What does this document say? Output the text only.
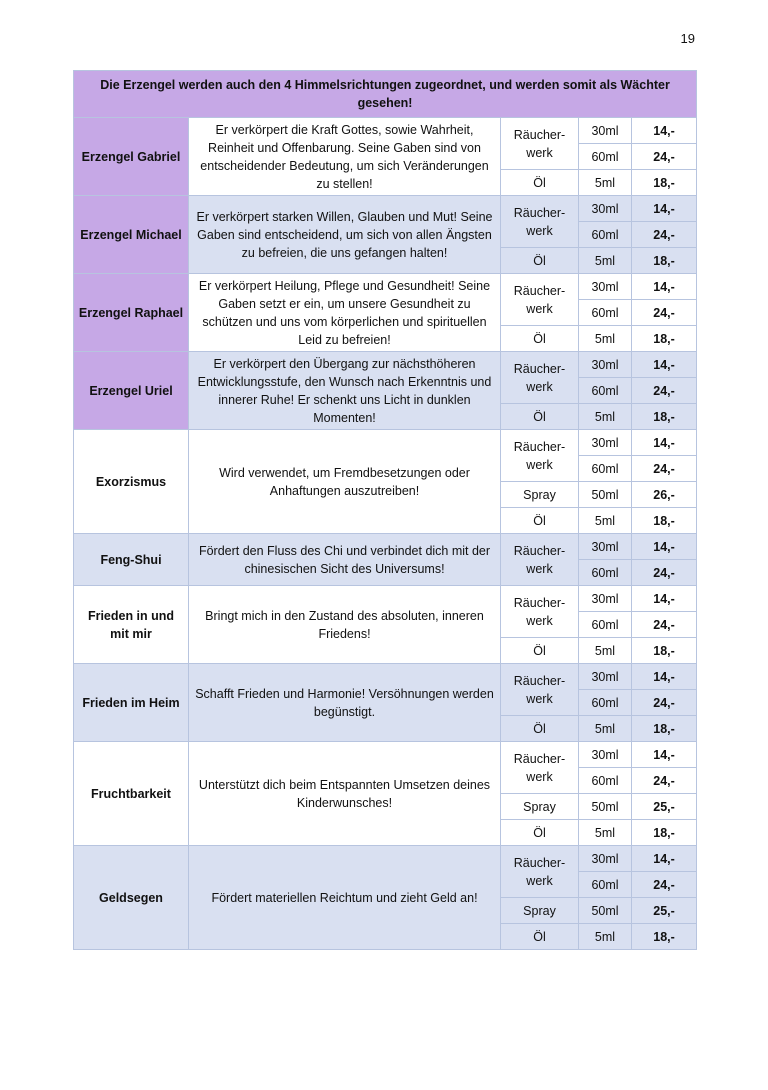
19
Die Erzengel werden auch den 4 Himmelsrichtungen zugeordnet, und werden somit als Wächter gesehen!				
Erzengel Gabriel	Er verkörpert die Kraft Gottes, sowie Wahrheit, Reinheit und Offenbarung. Seine Gaben sind von entscheidender Bedeutung, um sich Veränderungen zu stellen!	Räucher-werk	30ml	14,-
			60ml	24,-
		Öl	5ml	18,-
Erzengel Michael	Er verkörpert starken Willen, Glauben und Mut! Seine Gaben sind entscheidend, um sich von allen Ängsten zu befreien, die uns gefangen halten!	Räucher-werk	30ml	14,-
			60ml	24,-
		Öl	5ml	18,-
Erzengel Raphael	Er verkörpert Heilung, Pflege und Gesundheit! Seine Gaben setzt er ein, um unsere Gesundheit zu schützen und uns vom körperlichen und spirituellen Leid zu befreien!	Räucher-werk	30ml	14,-
			60ml	24,-
		Öl	5ml	18,-
Erzengel Uriel	Er verkörpert den Übergang zur nächsthöheren Entwicklungsstufe, den Wunsch nach Erkenntnis und innerer Ruhe! Er schenkt uns Licht in dunklen Momenten!	Räucher-werk	30ml	14,-
			60ml	24,-
		Öl	5ml	18,-
Exorzismus	Wird verwendet, um Fremdbesetzungen oder Anhaftungen auszutreiben!	Räucher-werk	30ml	14,-
			60ml	24,-
		Spray	50ml	26,-
		Öl	5ml	18,-
Feng-Shui	Fördert den Fluss des Chi und verbindet dich mit der chinesischen Sicht des Universums!	Räucher-werk	30ml	14,-
			60ml	24,-
Frieden in und mit mir	Bringt mich in den Zustand des absoluten, inneren Friedens!	Räucher-werk	30ml	14,-
			60ml	24,-
		Öl	5ml	18,-
Frieden im Heim	Schafft Frieden und Harmonie! Versöhnungen werden begünstigt.	Räucher-werk	30ml	14,-
			60ml	24,-
		Öl	5ml	18,-
Fruchtbarkeit	Unterstützt dich beim Entspannten Umsetzen deines Kinderwunsches!	Räucher-werk	30ml	14,-
			60ml	24,-
		Spray	50ml	25,-
		Öl	5ml	18,-
Geldsegen	Fördert materiellen Reichtum und zieht Geld an!	Räucher-werk	30ml	14,-
			60ml	24,-
		Spray	50ml	25,-
		Öl	5ml	18,-
